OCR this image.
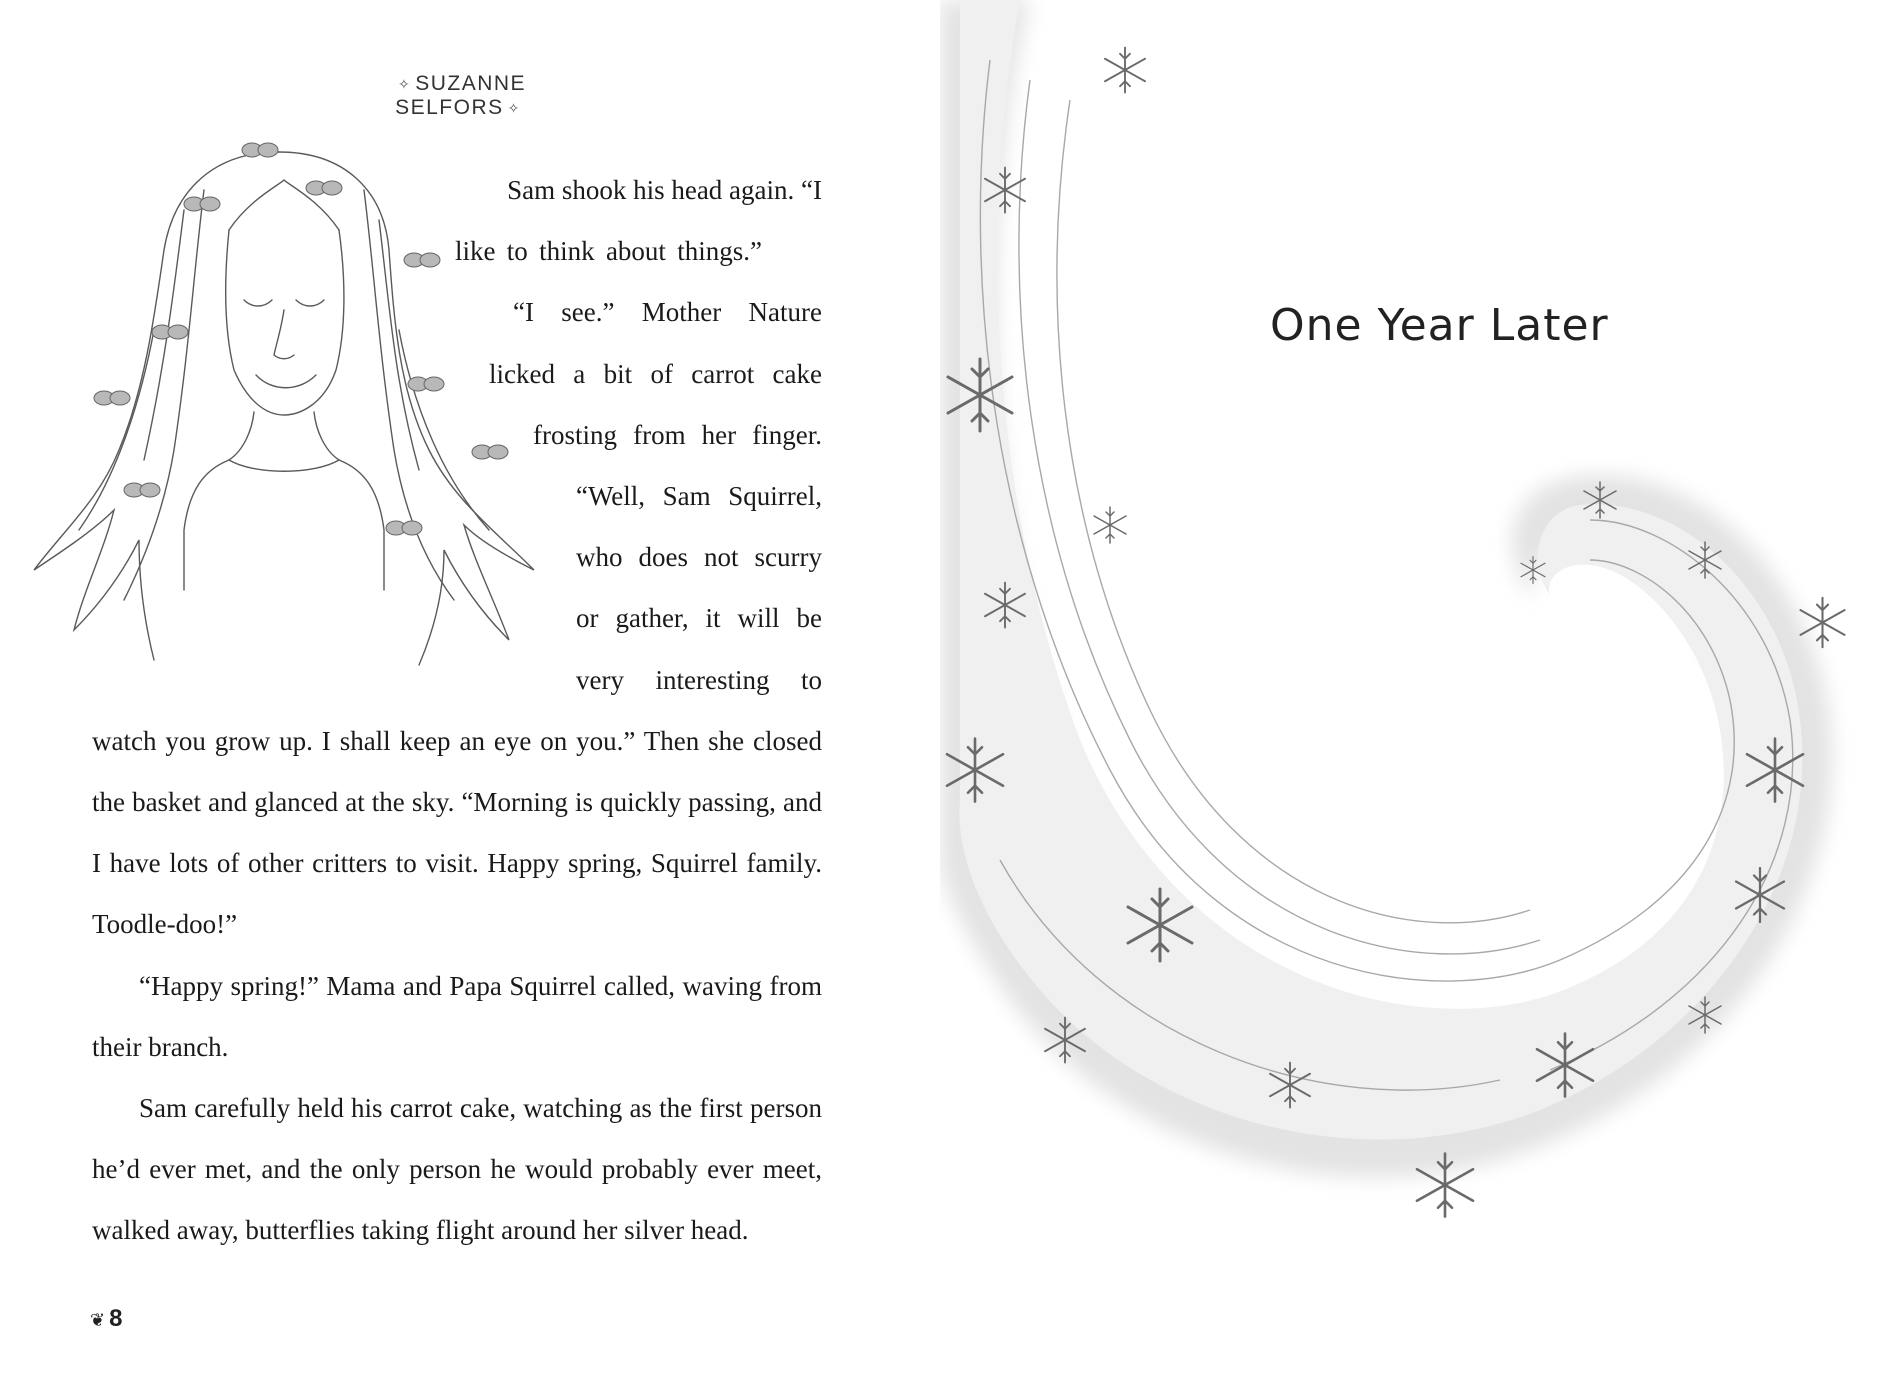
✧ SUZANNE SELFORS ✧
Sam shook his head again. “I
like to think about things.”
“I see.” Mother Nature
licked a bit of carrot cake
frosting from her finger.
“Well, Sam Squirrel,
who does not scurry
or gather, it will be
very interesting to
watch you grow up. I shall keep an eye on you.” Then she closed the basket and glanced at the sky. “Morning is quickly passing, and I have lots of other critters to visit. Happy spring, Squirrel family. Toodle-doo!”
“Happy spring!” Mama and Papa Squirrel called, waving from their branch.
Sam carefully held his carrot cake, watching as the first person he’d ever met, and the only person he would probably ever meet, walked away, butterflies taking flight around her silver head.
❦ 8
One Year Later
